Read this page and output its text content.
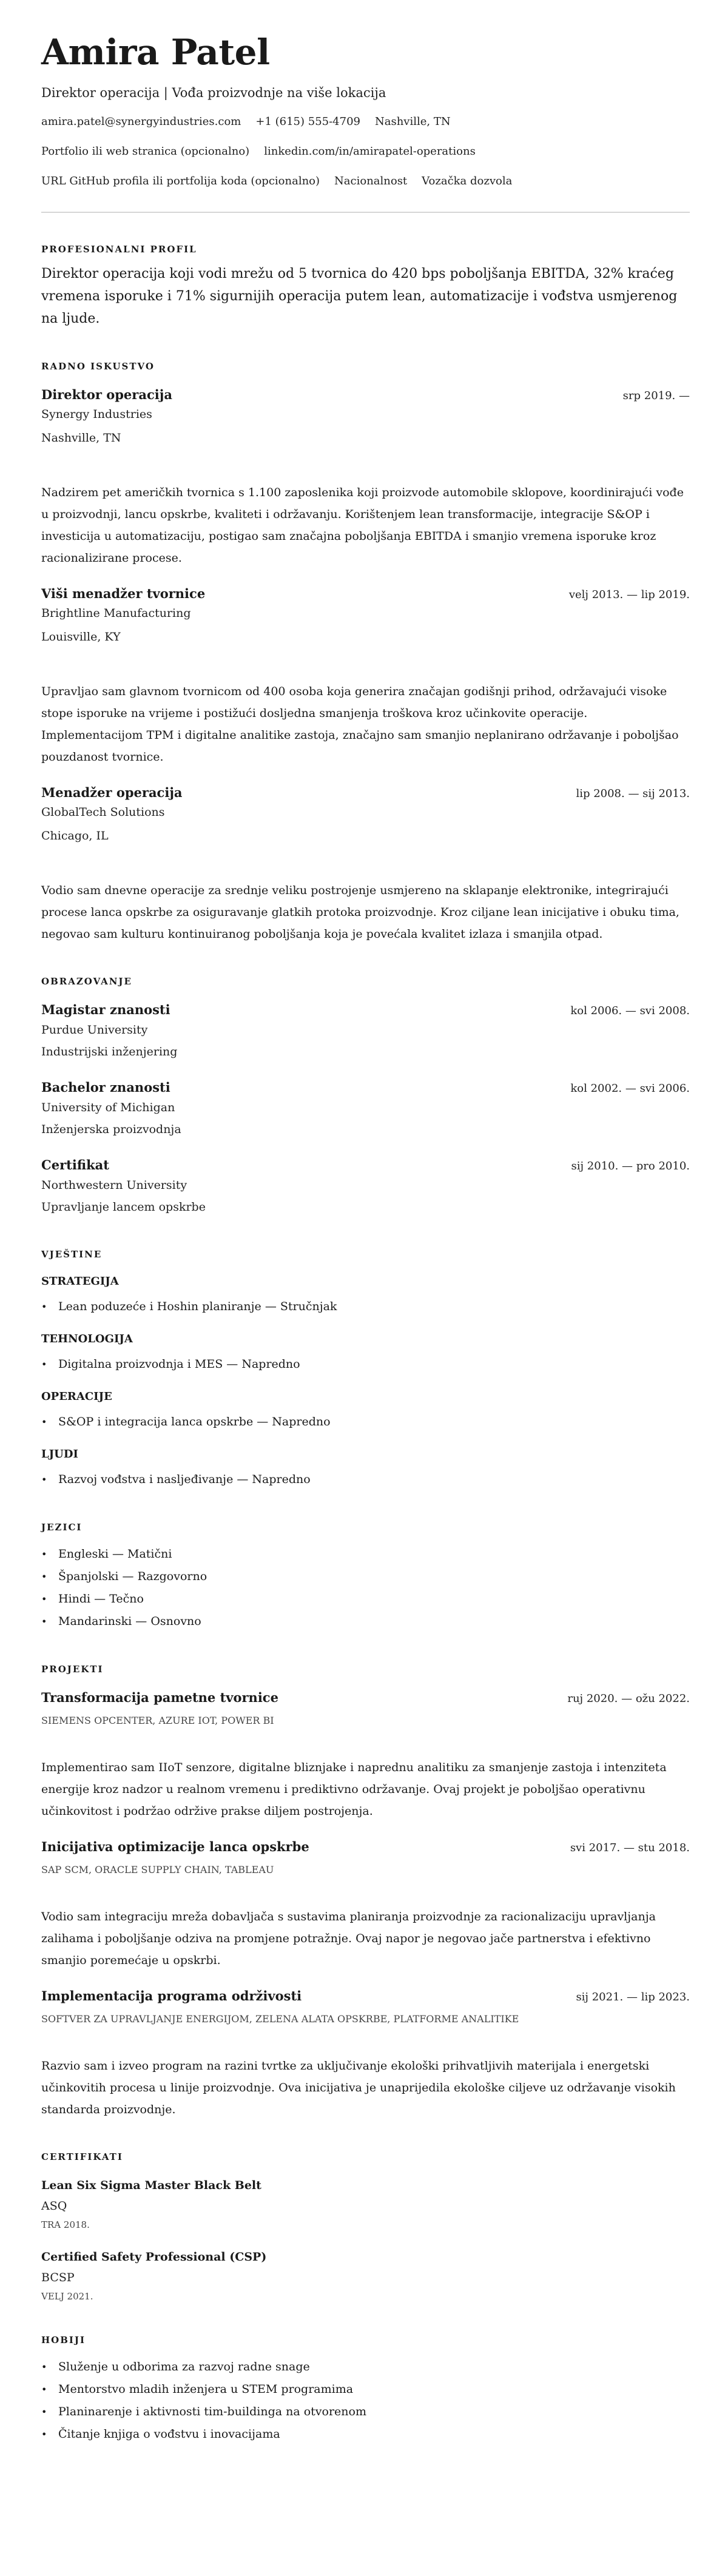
Amira Patel
Direktor operacija | Vođa proizvodnje na više lokacija
amira.patel@synergyindustries.com +1 (615) 555-4709 Nashville, TN
Portfolio ili web stranica (opcionalno) linkedin.com/in/amirapatel-operations
URL GitHub profila ili portfolija koda (opcionalno) Nacionalnost Vozačka dozvola
PROFESIONALNI PROFIL
Direktor operacija koji vodi mrežu od 5 tvornica do 420 bps poboljšanja EBITDA, 32% kraćeg vremena isporuke i 71% sigurnijih operacija putem lean, automatizacije i vođstva usmjerenog na ljude.
RADNO ISKUSTVO
Direktor operacija	srp 2019. —
Synergy Industries
Nashville, TN
Nadzirem pet američkih tvornica s 1.100 zaposlenika koji proizvode automobile sklopove, koordinirajući vođe u proizvodnji, lancu opskrbe, kvaliteti i održavanju. Korištenjem lean transformacije, integracije S&OP i investicija u automatizaciju, postigao sam značajna poboljšanja EBITDA i smanjio vremena isporuke kroz racionalizirane procese.
Viši menadžer tvornice	velj 2013. — lip 2019.
Brightline Manufacturing
Louisville, KY
Upravljao sam glavnom tvornicom od 400 osoba koja generira značajan godišnji prihod, održavajući visoke stope isporuke na vrijeme i postižući dosljedna smanjenja troškova kroz učinkovite operacije. Implementacijom TPM i digitalne analitike zastoja, značajno sam smanjio neplanirano održavanje i poboljšao pouzdanost tvornice.
Menadžer operacija	lip 2008. — sij 2013.
GlobalTech Solutions
Chicago, IL
Vodio sam dnevne operacije za srednje veliku postrojenje usmjereno na sklapanje elektronike, integrirajući procese lanca opskrbe za osiguravanje glatkih protoka proizvodnje. Kroz ciljane lean inicijative i obuku tima, negovao sam kulturu kontinuiranog poboljšanja koja je povećala kvalitet izlaza i smanjila otpad.
OBRAZOVANJE
Magistar znanosti	kol 2006. — svi 2008.
Purdue University
Industrijski inženjering
Bachelor znanosti	kol 2002. — svi 2006.
University of Michigan
Inženjerska proizvodnja
Certifikat	sij 2010. — pro 2010.
Northwestern University
Upravljanje lancem opskrbe
VJEŠTINE
STRATEGIJA
• Lean poduzeće i Hoshin planiranje — Stručnjak
TEHNOLOGIJA
• Digitalna proizvodnja i MES — Napredno
OPERACIJE
• S&OP i integracija lanca opskrbe — Napredno
LJUDI
• Razvoj vođstva i nasljeđivanje — Napredno
JEZICI
• Engleski — Matični
• Španjolski — Razgovorno
• Hindi — Tečno
• Mandarinski — Osnovno
PROJEKTI
Transformacija pametne tvornice	ruj 2020. — ožu 2022.
SIEMENS OPCENTER, AZURE IOT, POWER BI
Implementirao sam IIoT senzore, digitalne bliznjake i naprednu analitiku za smanjenje zastoja i intenziteta energije kroz nadzor u realnom vremenu i prediktivno održavanje. Ovaj projekt je poboljšao operativnu učinkovitost i podržao održive prakse diljem postrojenja.
Inicijativa optimizacije lanca opskrbe	svi 2017. — stu 2018.
SAP SCM, ORACLE SUPPLY CHAIN, TABLEAU
Vodio sam integraciju mreža dobavljača s sustavima planiranja proizvodnje za racionalizaciju upravljanja zalihama i poboljšanje odziva na promjene potražnje. Ovaj napor je negovao jače partnerstva i efektivno smanjio poremećaje u opskrbi.
Implementacija programa održivosti	sij 2021. — lip 2023.
SOFTVER ZA UPRAVLJANJE ENERGIJOM, ZELENA ALATA OPSKRBE, PLATFORME ANALITIKE
Razvio sam i izveo program na razini tvrtke za uključivanje ekološki prihvatljivih materijala i energetski učinkovitih procesa u linije proizvodnje. Ova inicijativa je unaprijedila ekološke ciljeve uz održavanje visokih standarda proizvodnje.
CERTIFIKATI
Lean Six Sigma Master Black Belt
ASQ
TRA 2018.
Certified Safety Professional (CSP)
BCSP
VELJ 2021.
HOBIJI
• Služenje u odborima za razvoj radne snage
• Mentorstvo mladih inženjera u STEM programima
• Planinarenje i aktivnosti tim-buildinga na otvorenom
• Čitanje knjiga o vođstvu i inovacijama
